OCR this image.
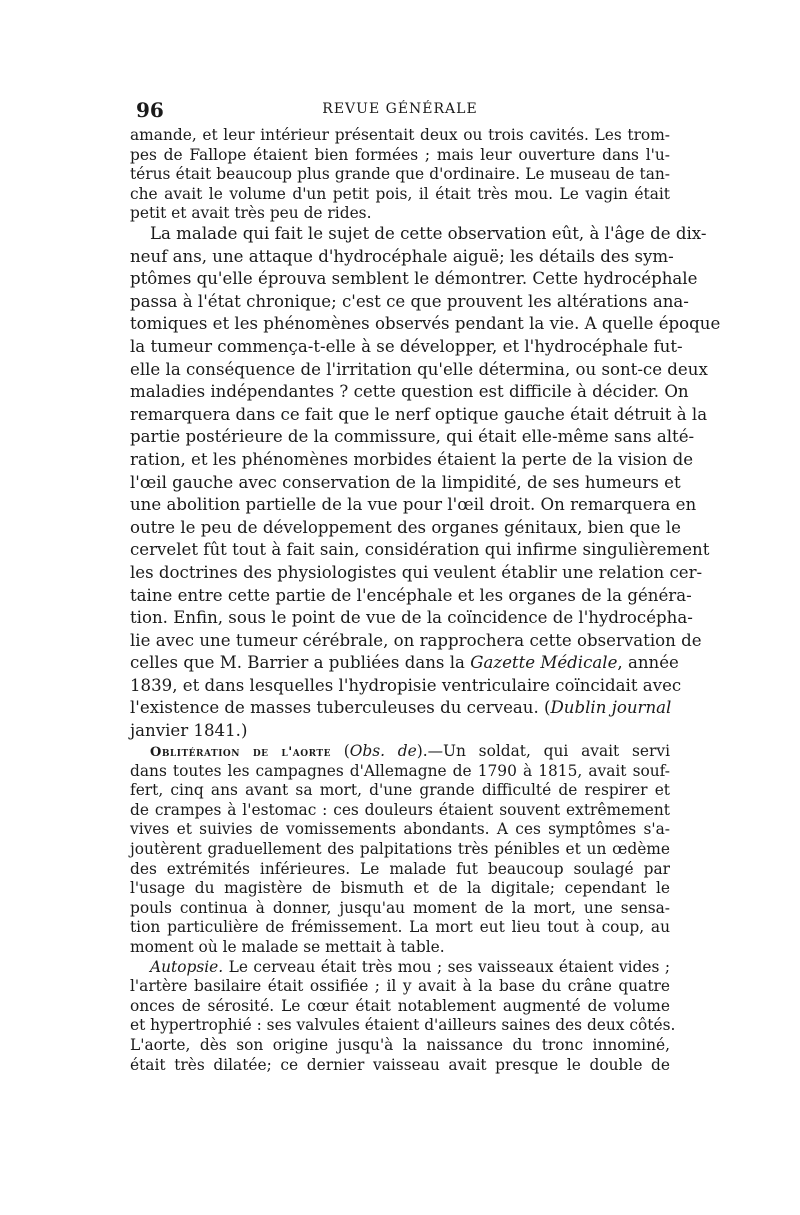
96	REVUE GÉNÉRALE
amande, et leur intérieur présentait deux ou trois cavités. Les trom-
pes de Fallope étaient bien formées ; mais leur ouverture dans l'u-
térus était beaucoup plus grande que d'ordinaire. Le museau de tan-
che avait le volume d'un petit pois, il était très mou. Le vagin était
petit et avait très peu de rides.
La malade qui fait le sujet de cette observation eût, à l'âge de dix-
neuf ans, une attaque d'hydrocéphale aiguë; les détails des sym-
ptômes qu'elle éprouva semblent le démontrer. Cette hydrocéphale
passa à l'état chronique; c'est ce que prouvent les altérations ana-
tomiques et les phénomènes observés pendant la vie. A quelle époque
la tumeur commença-t-elle à se développer, et l'hydrocéphale fut-
elle la conséquence de l'irritation qu'elle détermina, ou sont-ce deux
maladies indépendantes ? cette question est difficile à décider. On
remarquera dans ce fait que le nerf optique gauche était détruit à la
partie postérieure de la commissure, qui était elle-même sans alté-
ration, et les phénomènes morbides étaient la perte de la vision de
l'œil gauche avec conservation de la limpidité, de ses humeurs et
une abolition partielle de la vue pour l'œil droit. On remarquera en
outre le peu de développement des organes génitaux, bien que le
cervelet fût tout à fait sain, considération qui infirme singulièrement
les doctrines des physiologistes qui veulent établir une relation cer-
taine entre cette partie de l'encéphale et les organes de la généra-
tion. Enfin, sous le point de vue de la coïncidence de l'hydrocépha-
lie avec une tumeur cérébrale, on rapprochera cette observation de
celles que M. Barrier a publiées dans la Gazette Médicale, année
1839, et dans lesquelles l'hydropisie ventriculaire coïncidait avec
l'existence de masses tuberculeuses du cerveau. (Dublin journal
janvier 1841.)
Oblitération de l'aorte (Obs. de).—Un soldat, qui avait servi
dans toutes les campagnes d'Allemagne de 1790 à 1815, avait souf-
fert, cinq ans avant sa mort, d'une grande difficulté de respirer et
de crampes à l'estomac : ces douleurs étaient souvent extrêmement
vives et suivies de vomissements abondants. A ces symptômes s'a-
joutèrent graduellement des palpitations très pénibles et un œdème
des extrémités inférieures. Le malade fut beaucoup soulagé par
l'usage du magistère de bismuth et de la digitale; cependant le
pouls continua à donner, jusqu'au moment de la mort, une sensa-
tion particulière de frémissement. La mort eut lieu tout à coup, au
moment où le malade se mettait à table.
Autopsie. Le cerveau était très mou ; ses vaisseaux étaient vides ;
l'artère basilaire était ossifiée ; il y avait à la base du crâne quatre
onces de sérosité. Le cœur était notablement augmenté de volume
et hypertrophié : ses valvules étaient d'ailleurs saines des deux côtés.
L'aorte, dès son origine jusqu'à la naissance du tronc innominé,
était très dilatée; ce dernier vaisseau avait presque le double de
